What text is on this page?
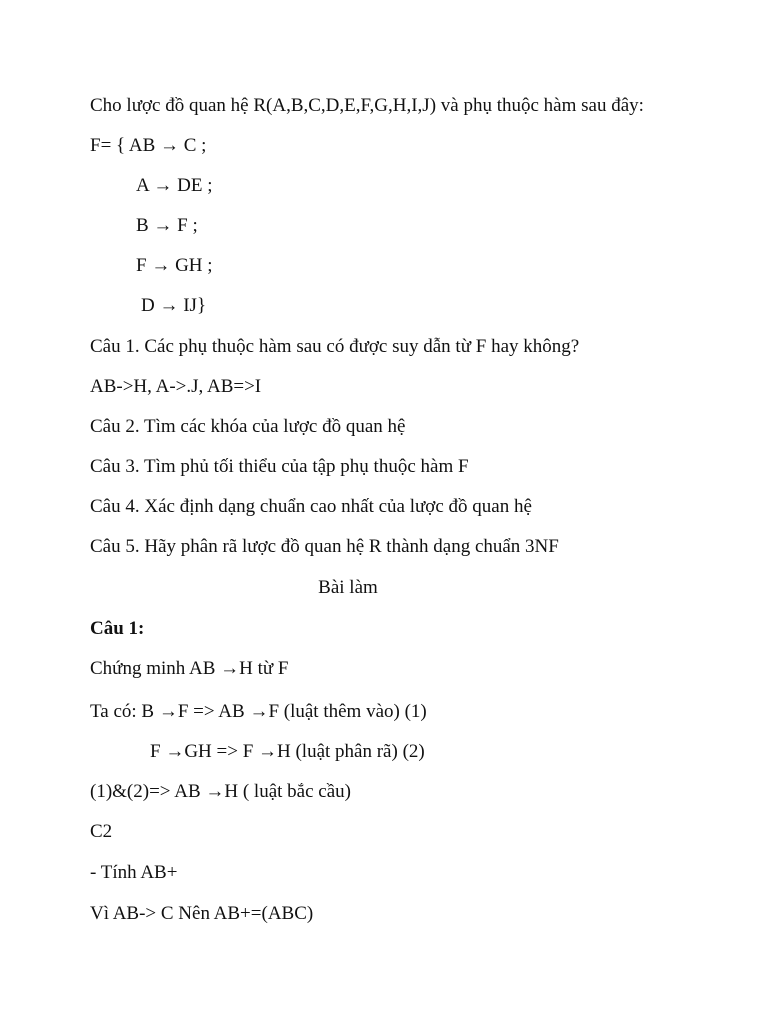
Cho lược đồ quan hệ R(A,B,C,D,E,F,G,H,I,J) và phụ thuộc hàm sau đây:
F= { AB → C ;
A → DE ;
B → F ;
F → GH ;
D → IJ}
Câu 1. Các phụ thuộc hàm sau có được suy dẫn từ F hay không?
AB->H, A->.J, AB=>I
Câu 2. Tìm các khóa của lược đồ quan hệ
Câu 3. Tìm phủ tối thiểu của tập phụ thuộc hàm F
Câu 4. Xác định dạng chuẩn cao nhất của lược đồ quan hệ
Câu 5. Hãy phân rã lược đồ quan hệ R thành dạng chuẩn 3NF
Bài làm
Câu 1:
Chứng minh AB →H từ F
Ta có: B →F => AB →F (luật thêm vào) (1)
F →GH => F →H (luật phân rã) (2)
(1)&(2)=> AB →H ( luật bắc cầu)
C2
- Tính AB+
Vì AB-> C Nên AB+=(ABC)
